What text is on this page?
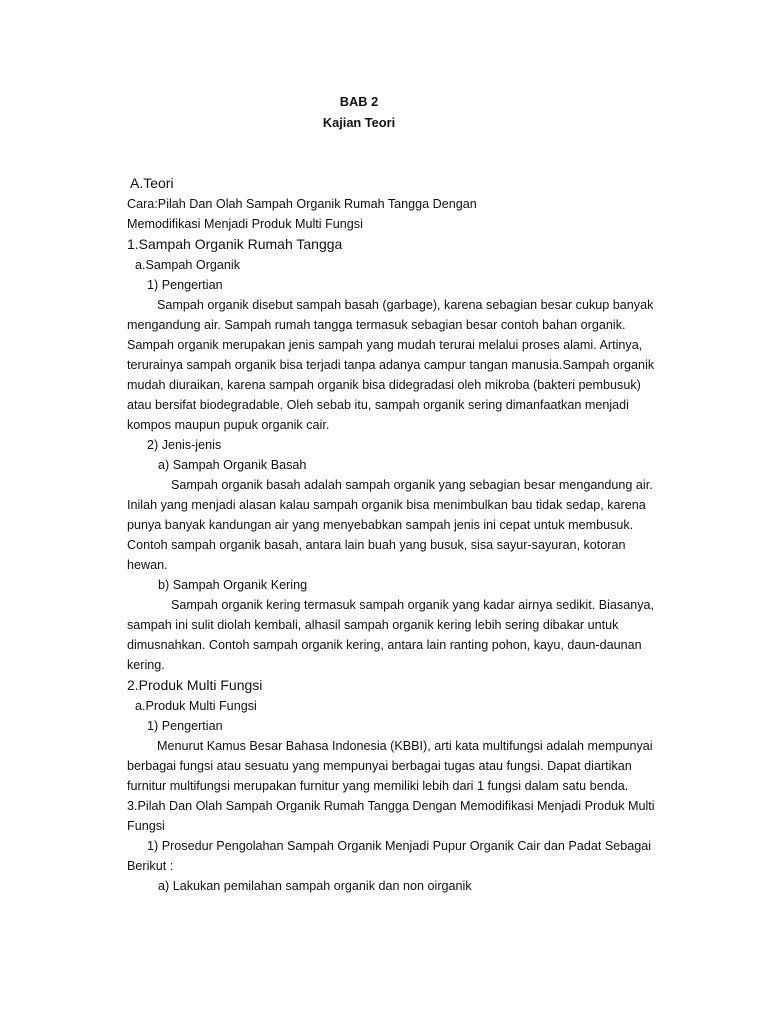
BAB 2
Kajian Teori

A.Teori

Cara:Pilah Dan Olah Sampah Organik Rumah Tangga Dengan

Memodifikasi Menjadi Produk Multi Fungsi

1.Sampah Organik Rumah Tangga

a.Sampah Organik

1) Pengertian

Sampah organik disebut sampah basah (garbage), karena sebagian besar cukup banyak mengandung air. Sampah rumah tangga termasuk sebagian besar contoh bahan organik. Sampah organik merupakan jenis sampah yang mudah terurai melalui proses alami. Artinya, terurainya sampah organik bisa terjadi tanpa adanya campur tangan manusia.Sampah organik mudah diuraikan, karena sampah organik bisa didegradasi oleh mikroba (bakteri pembusuk) atau bersifat biodegradable. Oleh sebab itu, sampah organik sering dimanfaatkan menjadi kompos maupun pupuk organik cair.

2) Jenis-jenis

a) Sampah Organik Basah

Sampah organik basah adalah sampah organik yang sebagian besar mengandung air. Inilah yang menjadi alasan kalau sampah organik bisa menimbulkan bau tidak sedap, karena punya banyak kandungan air yang menyebabkan sampah jenis ini cepat untuk membusuk. Contoh sampah organik basah, antara lain buah yang busuk, sisa sayur-sayuran, kotoran hewan.

b) Sampah Organik Kering

Sampah organik kering termasuk sampah organik yang kadar airnya sedikit. Biasanya, sampah ini sulit diolah kembali, alhasil sampah organik kering lebih sering dibakar untuk dimusnahkan. Contoh sampah organik kering, antara lain ranting pohon, kayu, daun-daunan kering.

2.Produk Multi Fungsi

a.Produk Multi Fungsi

1) Pengertian

Menurut Kamus Besar Bahasa Indonesia (KBBI), arti kata multifungsi adalah mempunyai berbagai fungsi atau sesuatu yang mempunyai berbagai tugas atau fungsi. Dapat diartikan furnitur multifungsi merupakan furnitur yang memiliki lebih dari 1 fungsi dalam satu benda.

3.Pilah Dan Olah Sampah Organik Rumah Tangga Dengan Memodifikasi Menjadi Produk Multi Fungsi

1) Prosedur Pengolahan Sampah Organik Menjadi Pupur Organik Cair dan Padat Sebagai Berikut :

a) Lakukan pemilahan sampah organik dan non oirganik
